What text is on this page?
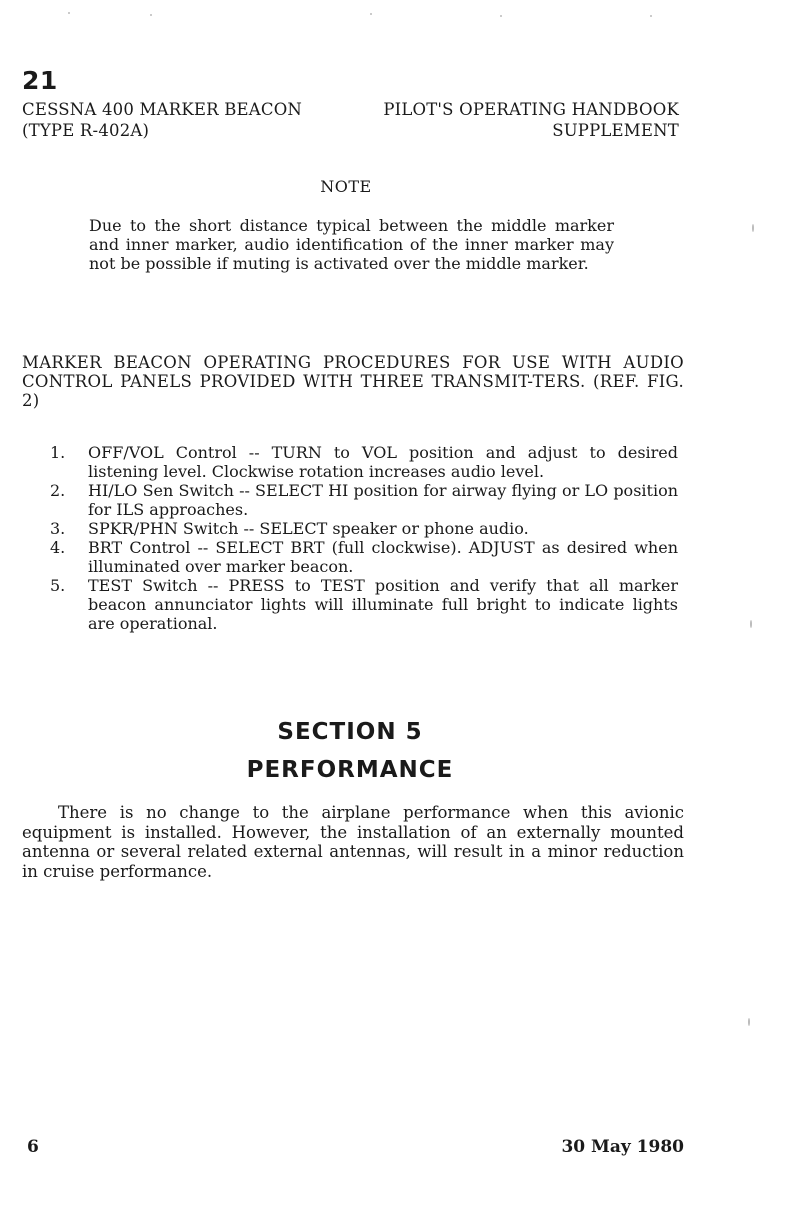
21
CESSNA 400 MARKER BEACON
(TYPE R-402A)
PILOT'S OPERATING HANDBOOK
SUPPLEMENT
NOTE
Due to the short distance typical between the middle marker and inner marker, audio identification of the inner marker may not be possible if muting is activated over the middle marker.
MARKER BEACON OPERATING PROCEDURES FOR USE WITH AUDIO CONTROL PANELS PROVIDED WITH THREE TRANSMIT-TERS. (REF. FIG. 2)
1.	OFF/VOL Control -- TURN to VOL position and adjust to desired listening level. Clockwise rotation increases audio level.
2.	HI/LO Sen Switch -- SELECT HI position for airway flying or LO position for ILS approaches.
3.	SPKR/PHN Switch -- SELECT speaker or phone audio.
4.	BRT Control -- SELECT BRT (full clockwise). ADJUST as desired when illuminated over marker beacon.
5.	TEST Switch -- PRESS to TEST position and verify that all marker beacon annunciator lights will illuminate full bright to indicate lights are operational.
SECTION 5
PERFORMANCE
There is no change to the airplane performance when this avionic equipment is installed. However, the installation of an externally mounted antenna or several related external antennas, will result in a minor reduction in cruise performance.
6	30 May 1980
